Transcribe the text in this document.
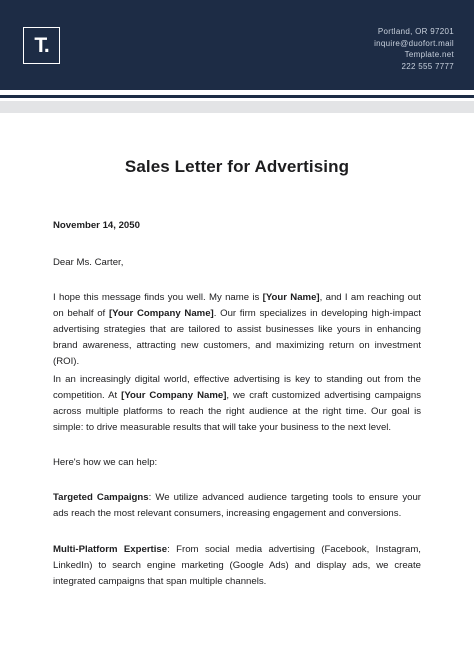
T.
Portland, OR 97201
inquire@duofort.mail
Template.net
222 555 7777
Sales Letter for Advertising
November 14, 2050
Dear Ms. Carter,
I hope this message finds you well. My name is [Your Name], and I am reaching out on behalf of [Your Company Name]. Our firm specializes in developing high-impact advertising strategies that are tailored to assist businesses like yours in enhancing brand awareness, attracting new customers, and maximizing return on investment (ROI).
In an increasingly digital world, effective advertising is key to standing out from the competition. At [Your Company Name], we craft customized advertising campaigns across multiple platforms to reach the right audience at the right time. Our goal is simple: to drive measurable results that will take your business to the next level.
Here's how we can help:
Targeted Campaigns: We utilize advanced audience targeting tools to ensure your ads reach the most relevant consumers, increasing engagement and conversions.
Multi-Platform Expertise: From social media advertising (Facebook, Instagram, LinkedIn) to search engine marketing (Google Ads) and display ads, we create integrated campaigns that span multiple channels.
